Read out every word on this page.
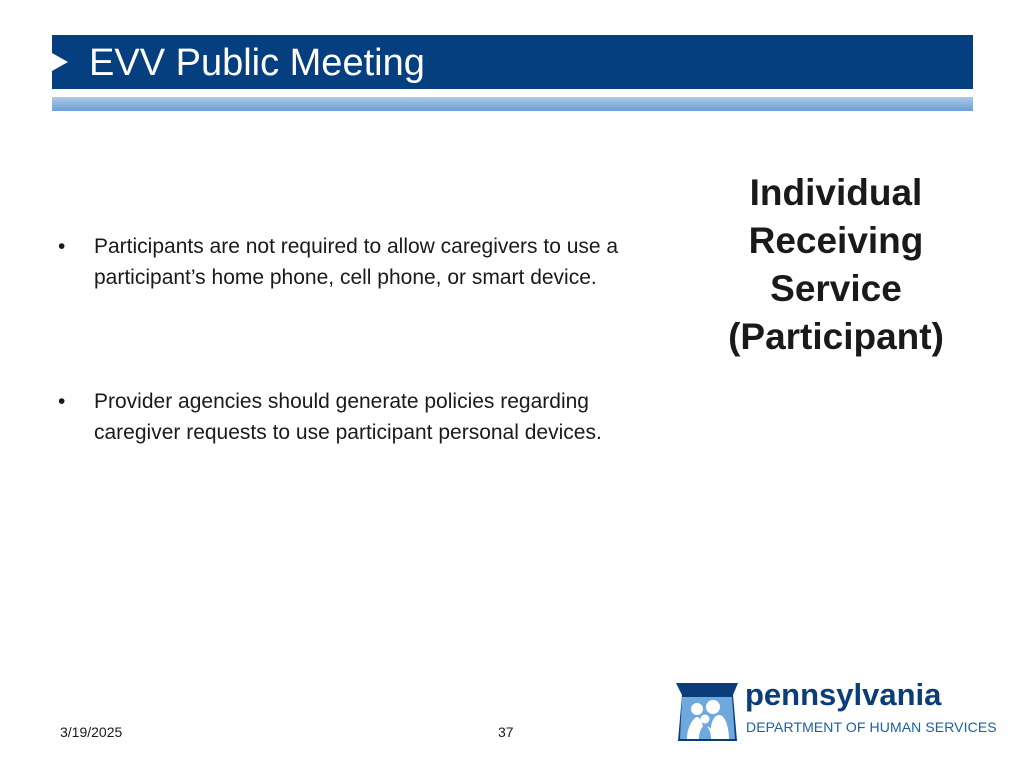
EVV Public Meeting
• Participants are not required to allow caregivers to use a participant’s home phone, cell phone, or smart device.
• Provider agencies should generate policies regarding caregiver requests to use participant personal devices.
Individual
Receiving
Service
(Participant)
3/19/2025	37
pennsylvania
DEPARTMENT OF HUMAN SERVICES
